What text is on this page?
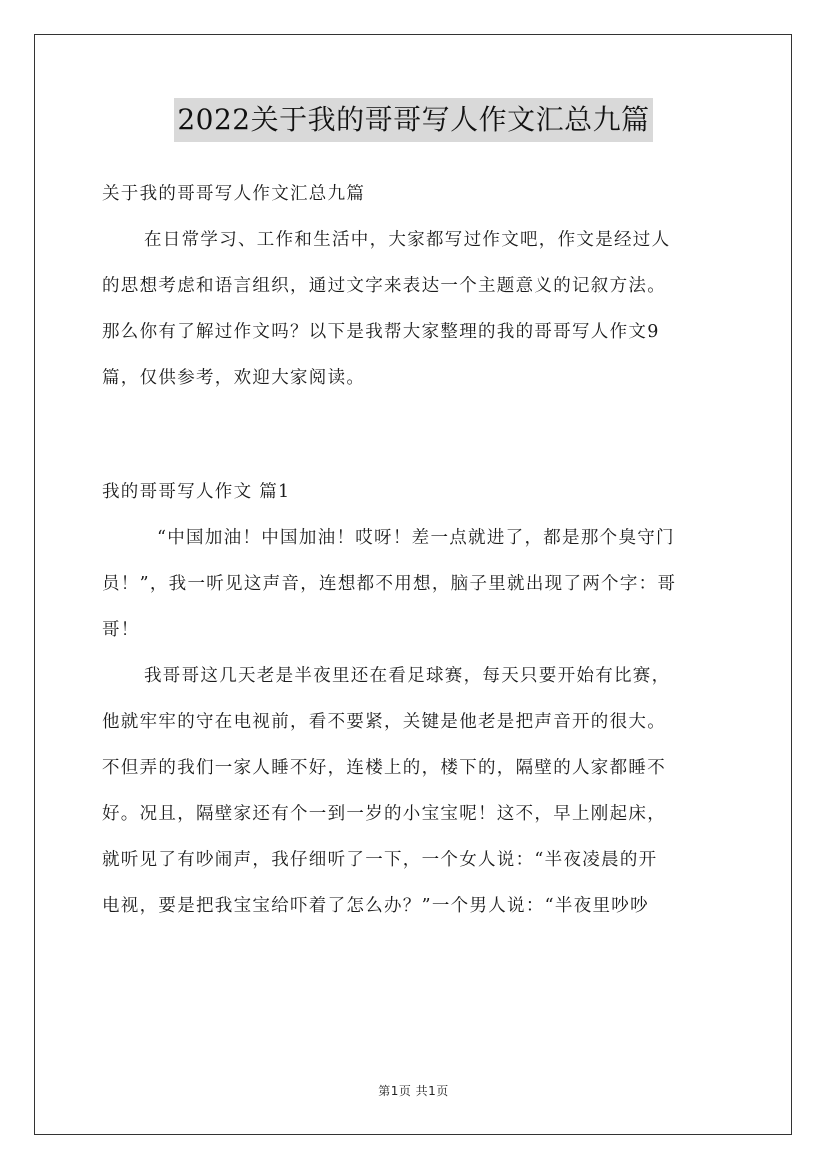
2022关于我的哥哥写人作文汇总九篇
关于我的哥哥写人作文汇总九篇
在日常学习、工作和生活中，大家都写过作文吧，作文是经过人
的思想考虑和语言组织，通过文字来表达一个主题意义的记叙方法。
那么你有了解过作文吗？以下是我帮大家整理的我的哥哥写人作文9
篇，仅供参考，欢迎大家阅读。
我的哥哥写人作文 篇1
“中国加油！中国加油！哎呀！差一点就进了，都是那个臭守门
员！”，我一听见这声音，连想都不用想，脑子里就出现了两个字：哥
哥！
我哥哥这几天老是半夜里还在看足球赛，每天只要开始有比赛，
他就牢牢的守在电视前，看不要紧，关键是他老是把声音开的很大。
不但弄的我们一家人睡不好，连楼上的，楼下的，隔壁的人家都睡不
好。况且，隔壁家还有个一到一岁的小宝宝呢！这不，早上刚起床，
就听见了有吵闹声，我仔细听了一下，一个女人说：“半夜凌晨的开
电视，要是把我宝宝给吓着了怎么办？”一个男人说：“半夜里吵吵
第1页 共1页
